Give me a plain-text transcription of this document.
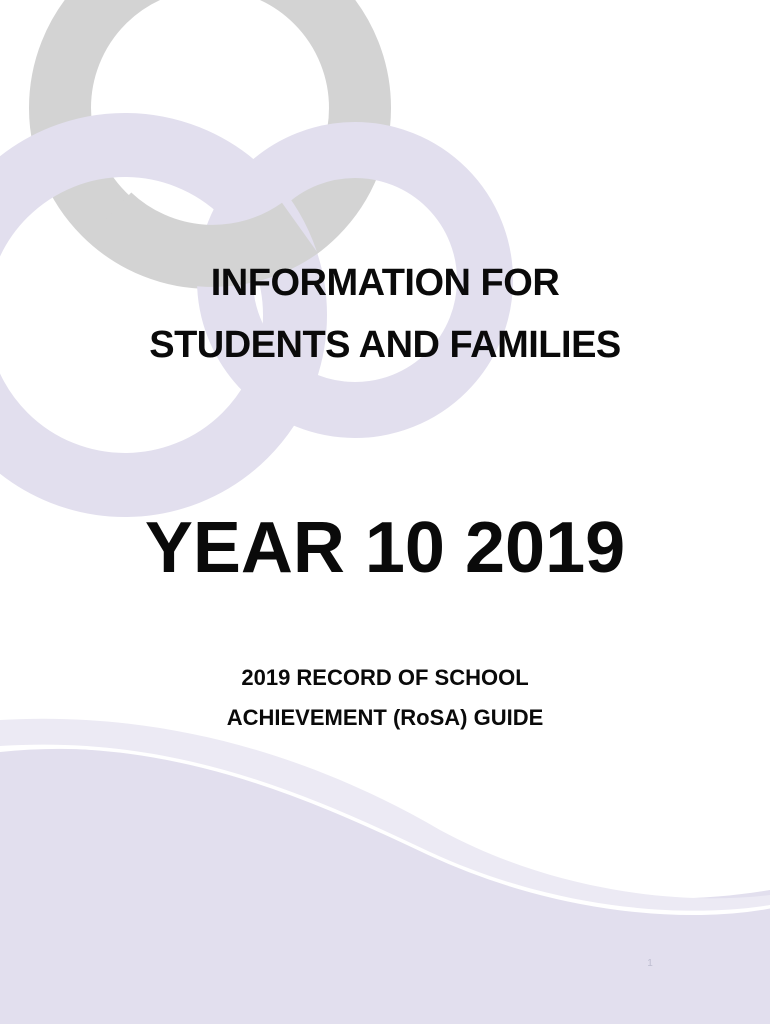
INFORMATION FOR
STUDENTS AND FAMILIES
YEAR 10 2019
2019 RECORD OF SCHOOL
ACHIEVEMENT (RoSA) GUIDE
1
